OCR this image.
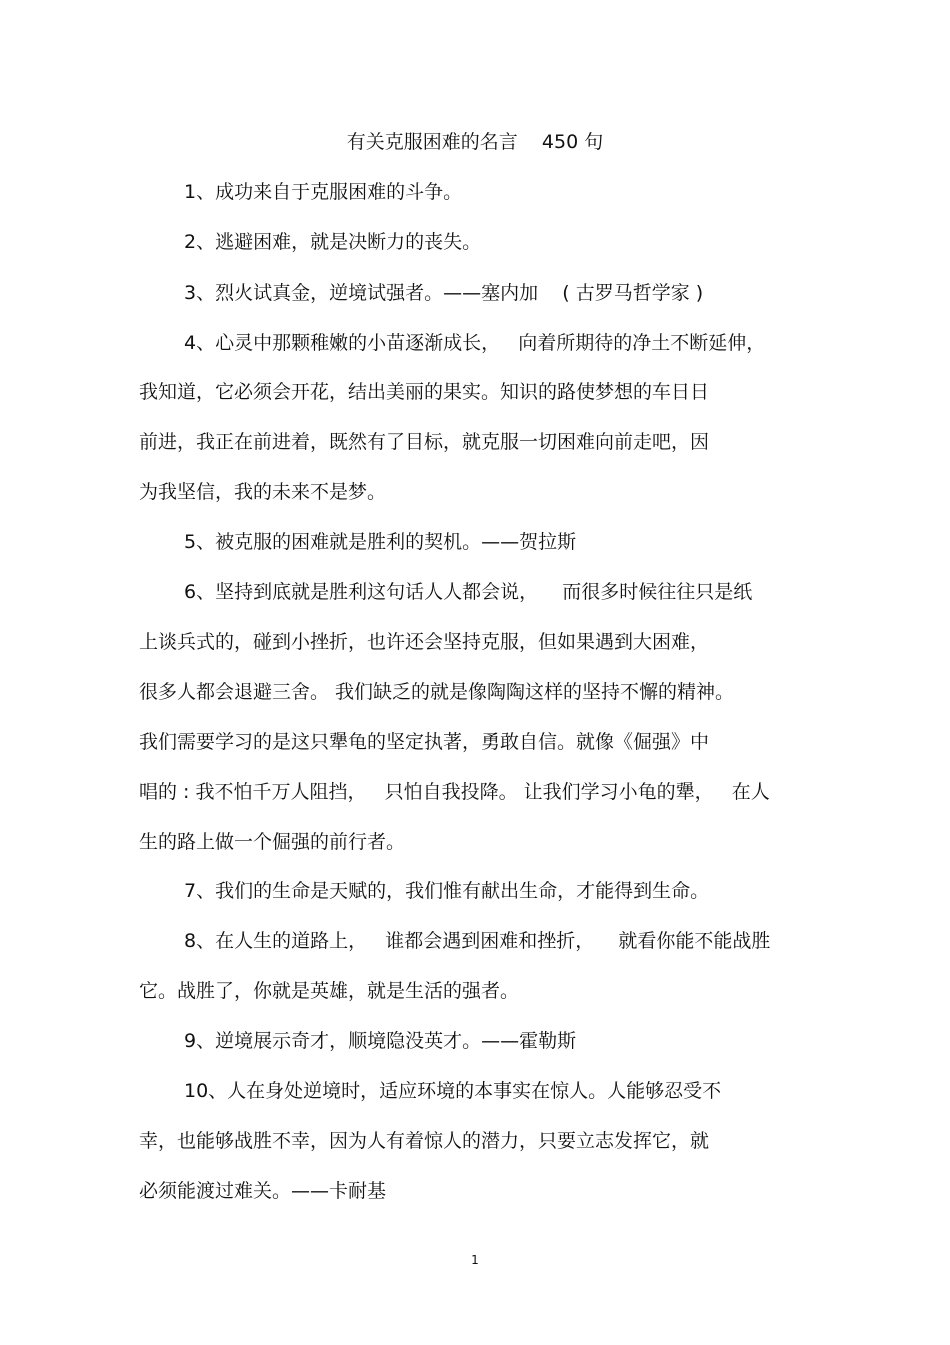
有关克服困难的名言    450 句
1、成功来自于克服困难的斗争。
2、逃避困难，就是决断力的丧失。
3、烈火试真金，逆境试强者。——塞内加    ( 古罗马哲学家 )
4、心灵中那颗稚嫩的小苗逐渐成长，   向着所期待的净土不断延伸，
我知道，它必须会开花，结出美丽的果实。知识的路使梦想的车日日
前进，我正在前进着，既然有了目标，就克服一切困难向前走吧，因
为我坚信，我的未来不是梦。
5、被克服的困难就是胜利的契机。——贺拉斯
6、坚持到底就是胜利这句话人人都会说，    而很多时候往往只是纸
上谈兵式的，碰到小挫折，也许还会坚持克服，但如果遇到大困难，
很多人都会退避三舍。 我们缺乏的就是像陶陶这样的坚持不懈的精神。
我们需要学习的是这只犟龟的坚定执著，勇敢自信。就像《倔强》中
唱的 : 我不怕千万人阻挡，   只怕自我投降。 让我们学习小龟的犟，   在人
生的路上做一个倔强的前行者。
7、我们的生命是天赋的，我们惟有献出生命，才能得到生命。
8、在人生的道路上，   谁都会遇到困难和挫折，    就看你能不能战胜
它。战胜了，你就是英雄，就是生活的强者。
9、逆境展示奇才，顺境隐没英才。——霍勒斯
10、人在身处逆境时，适应环境的本事实在惊人。人能够忍受不
幸，也能够战胜不幸，因为人有着惊人的潜力，只要立志发挥它，就
必须能渡过难关。——卡耐基
1
